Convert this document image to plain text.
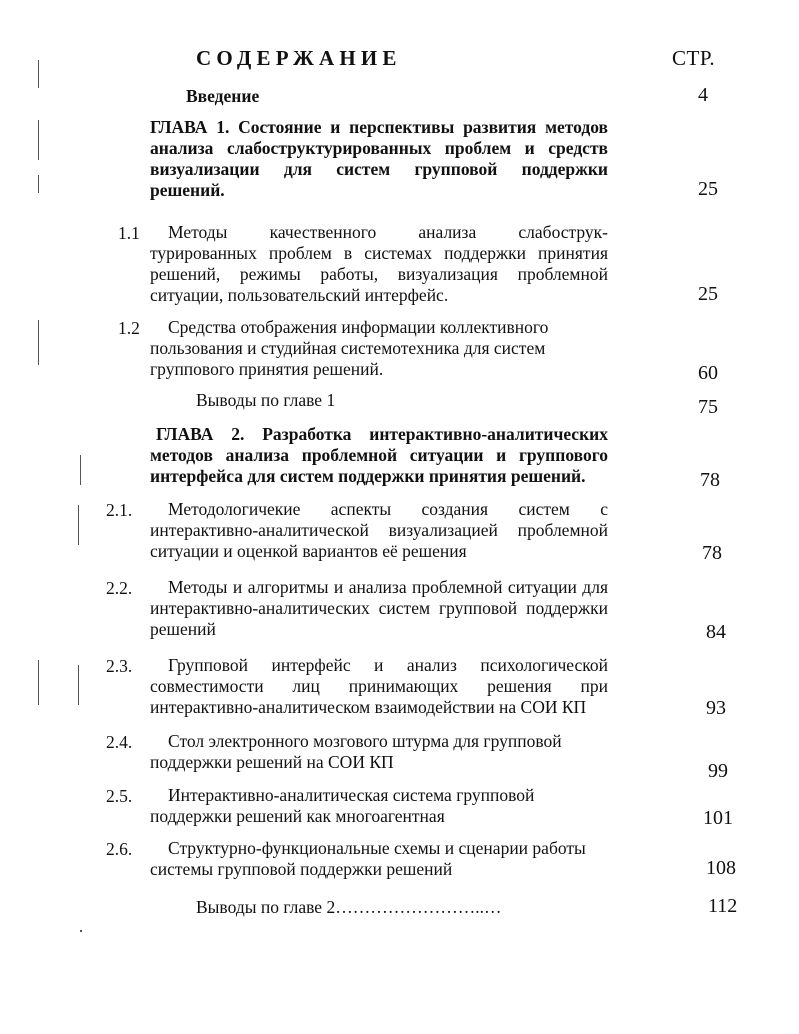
СОДЕРЖАНИЕ	СТР.
Введение	4
ГЛАВА 1. Состояние и перспективы развития методов
анализа слабоструктурированных проблем и средств
визуализации для систем групповой поддержки
решений.	25
1.1	Методы качественного анализа слабострук-
турированных проблем в системах поддержки принятия
решений, режимы работы, визуализация проблемной
ситуации, пользовательский интерфейс.	25
1.2	Средства отображения информации коллективного
пользования и студийная системотехника для систем
группового принятия решений.	60
Выводы по главе 1	75
ГЛАВА 2. Разработка интерактивно-аналитических
методов анализа проблемной ситуации и группового
интерфейса для систем поддержки принятия решений.	78
2.1.	Методологичекие аспекты создания систем с
интерактивно-аналитической визуализацией проблемной
ситуации и оценкой вариантов её решения	78
2.2.	Методы и алгоритмы и анализа проблемной ситуации для
интерактивно-аналитических систем групповой поддержки
решений	84
2.3.	Групповой интерфейс и анализ психологической
совместимости лиц принимающих решения при
интерактивно-аналитическом взаимодействии на СОИ КП	93
2.4.	Стол электронного мозгового штурма для групповой
поддержки решений на СОИ КП	99
2.5.	Интерактивно-аналитическая система групповой
поддержки решений как многоагентная	101
2.6.	Структурно-функциональные схемы и сценарии работы
системы групповой поддержки решений	108
Выводы по главе 2……………………..…	112
